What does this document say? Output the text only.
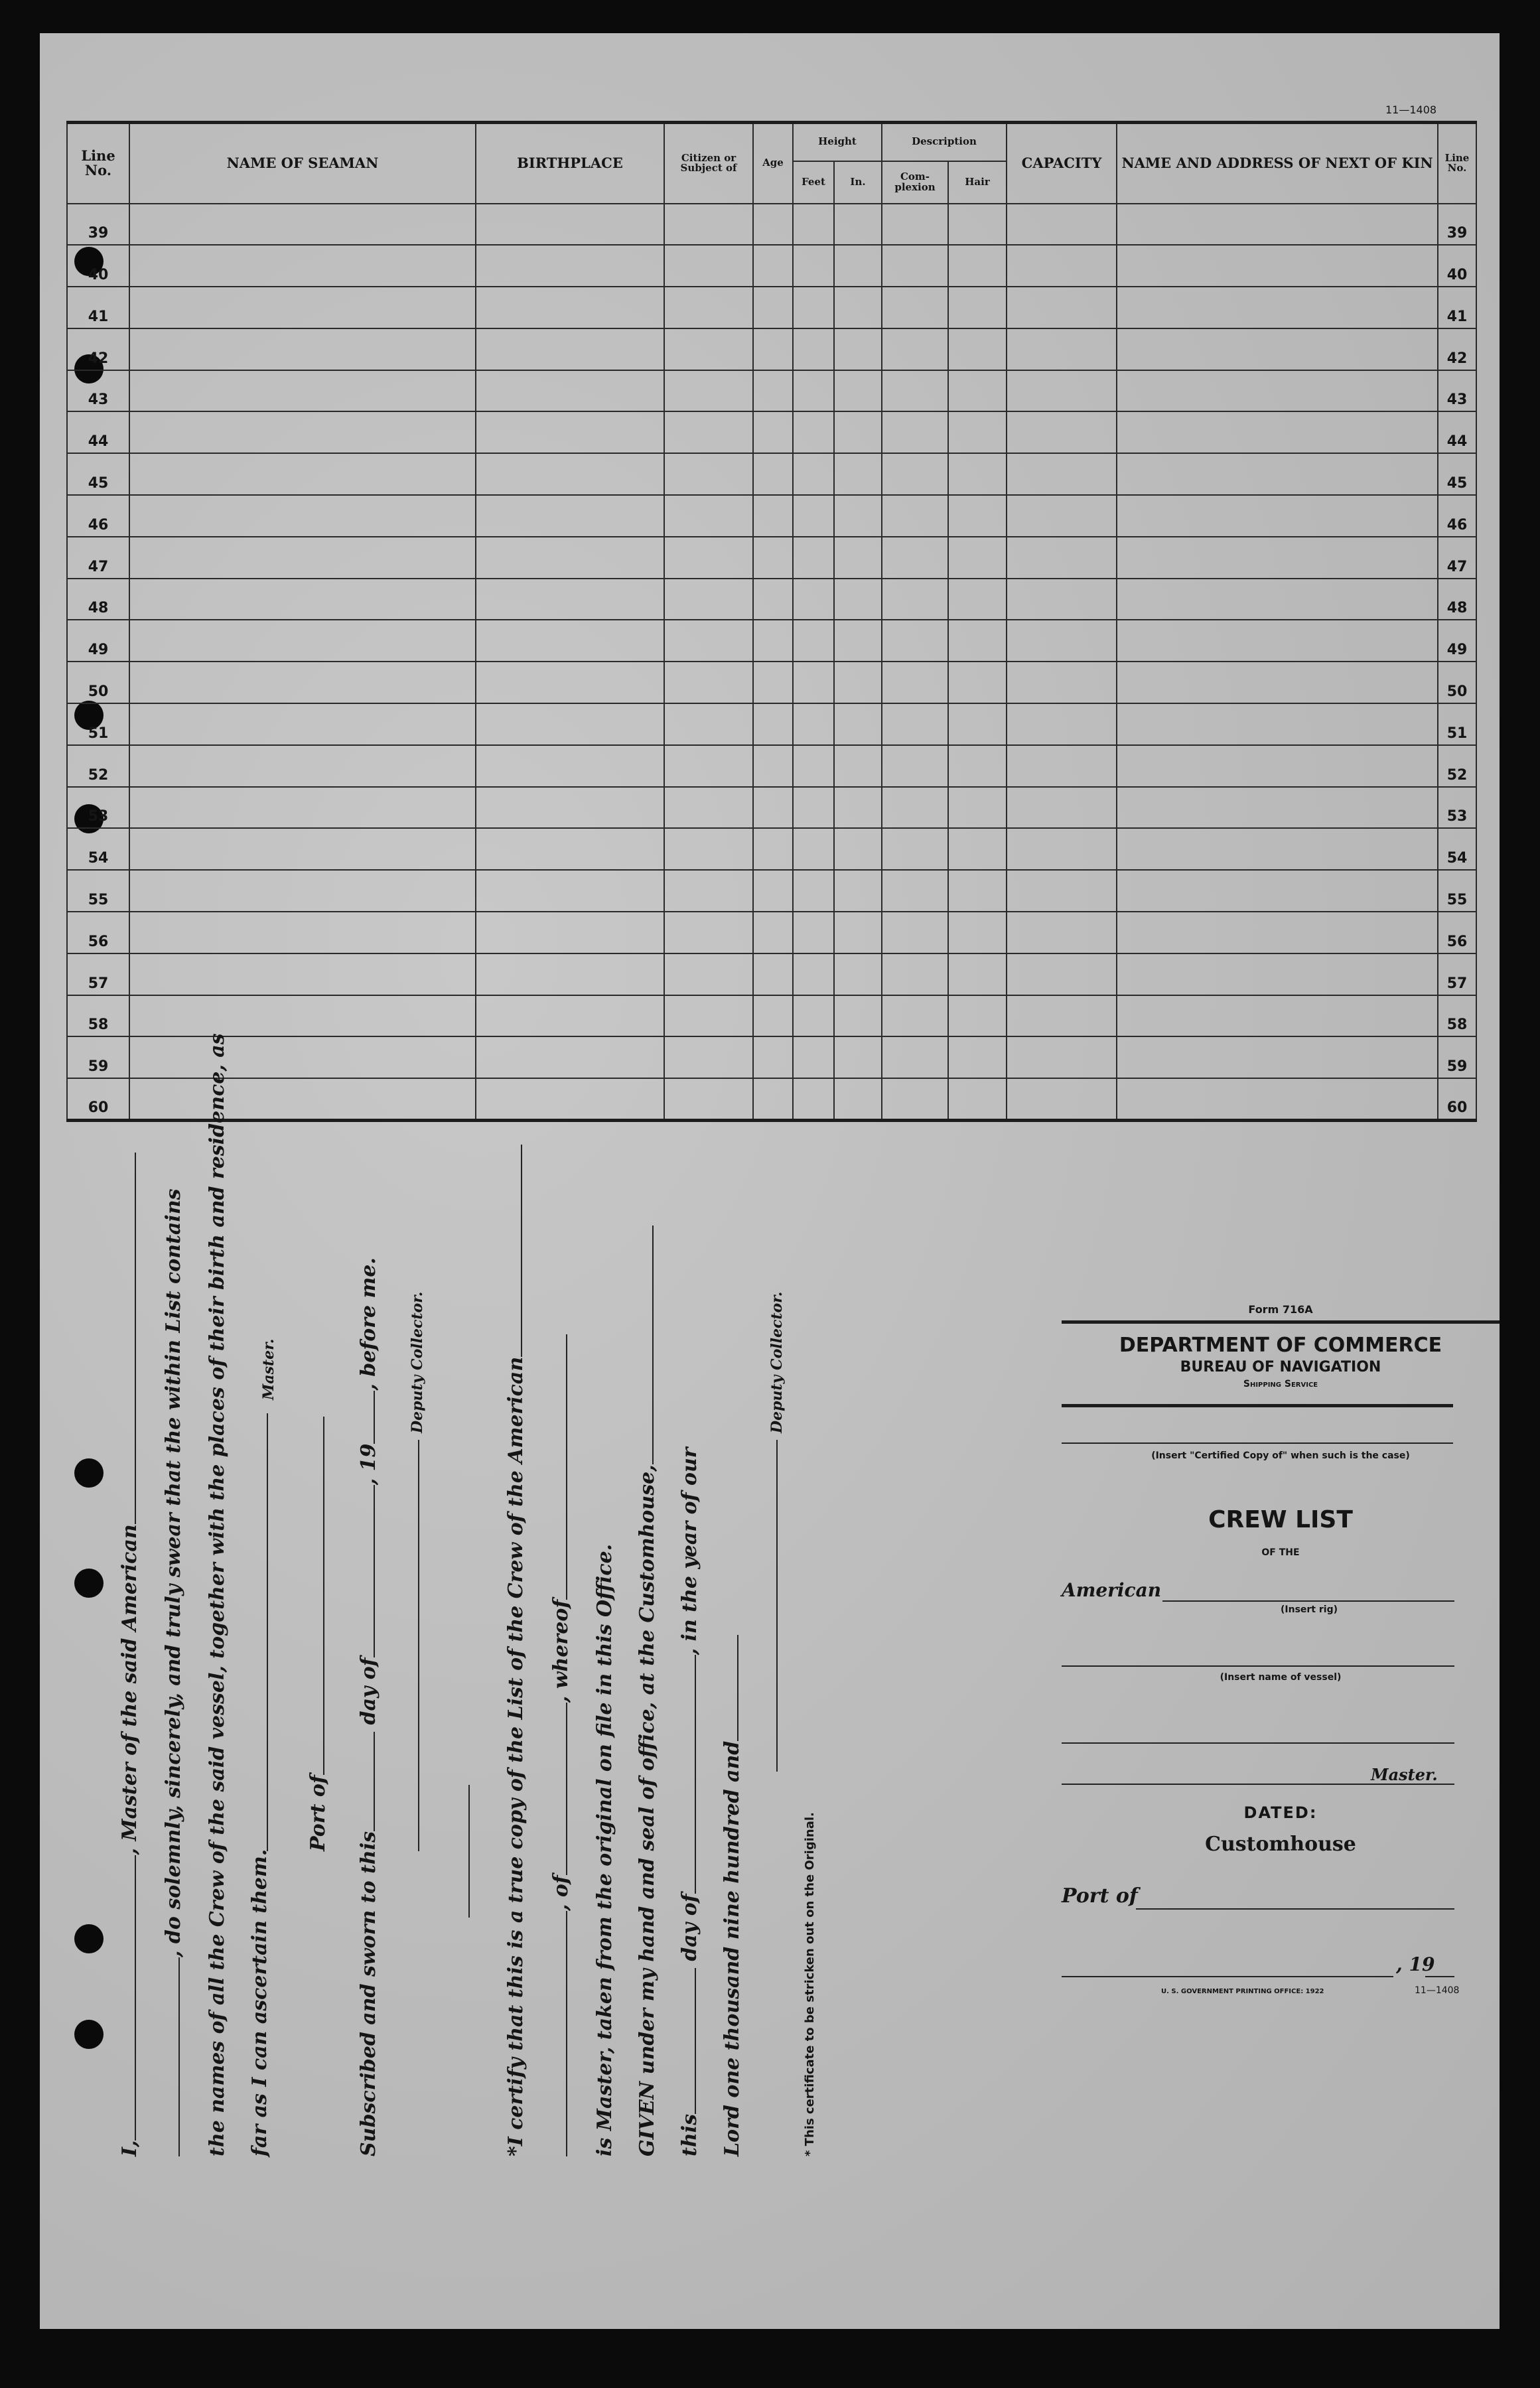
11—1408
Line No.	NAME OF SEAMAN	BIRTHPLACE	Citizen or Subject of	Age	Height		Description		CAPACITY	NAME AND ADDRESS OF NEXT OF KIN	Line No.
					Feet	In.	Com- plexion	Hair			
39											39
40											40
41											41
42											42
43											43
44											44
45											45
46											46
47											47
48											48
49											49
50											50
51											51
52											52
53											53
54											54
55											55
56											56
57											57
58											58
59											59
60											60
I,, Master of the said American , do solemnly, sincerely, and truly swear that the within List contains the names of all the Crew of the said vessel, together with the places of their birth and residence, as far as I can ascertain them.
Master.
Port of
Subscribed and sworn to this day of, 19, before me. Deputy Collector.	*I certify that this is a true copy of the List of the Crew of the American , of, whereof is Master, taken from the original on file in this Office. GIVEN under my hand and seal of office, at the Customhouse, this day of, in the year of our
Lord one thousand nine hundred and
Deputy Collector.
* This certificate to be stricken out on the Original.
Form 716A
DEPARTMENT OF COMMERCE
BUREAU OF NAVIGATION
Shipping Service
(Insert "Certified Copy of" when such is the case)
CREW LIST
OF THE
American
(Insert rig)
(Insert name of vessel)
Master.
DATED:
Customhouse
Port of
, 19
U. S. GOVERNMENT PRINTING OFFICE: 1922	11—1408
